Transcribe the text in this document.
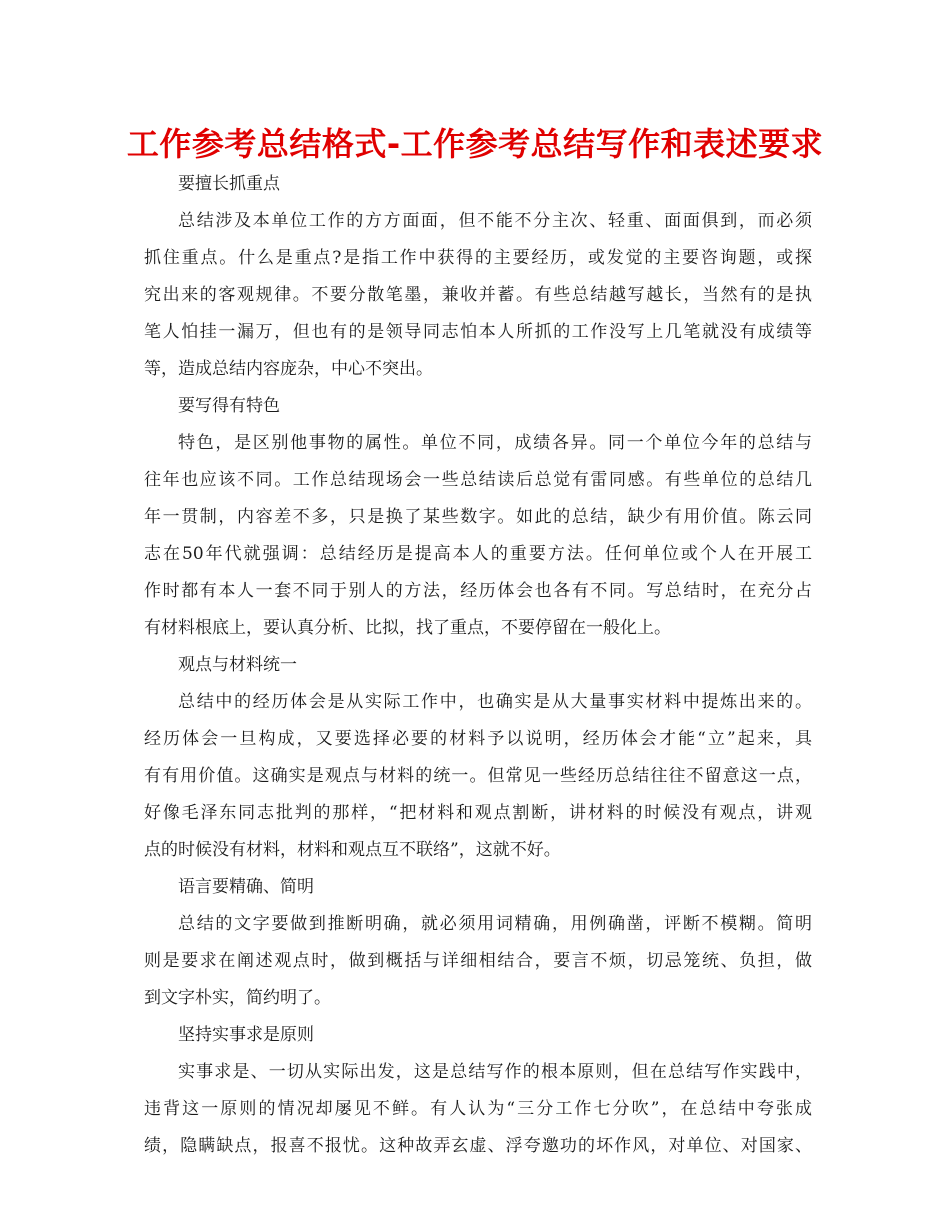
工作参考总结格式-工作参考总结写作和表述要求
要擅长抓重点
总结涉及本单位工作的方方面面，但不能不分主次、轻重、面面俱到，而必须
抓住重点。什么是重点?是指工作中获得的主要经历，或发觉的主要咨询题，或探
究出来的客观规律。不要分散笔墨，兼收并蓄。有些总结越写越长，当然有的是执
笔人怕挂一漏万，但也有的是领导同志怕本人所抓的工作没写上几笔就没有成绩等
等，造成总结内容庞杂，中心不突出。
要写得有特色
特色，是区别他事物的属性。单位不同，成绩各异。同一个单位今年的总结与
往年也应该不同。工作总结现场会一些总结读后总觉有雷同感。有些单位的总结几
年一贯制，内容差不多，只是换了某些数字。如此的总结，缺少有用价值。陈云同
志在50年代就强调：总结经历是提高本人的重要方法。任何单位或个人在开展工
作时都有本人一套不同于别人的方法，经历体会也各有不同。写总结时，在充分占
有材料根底上，要认真分析、比拟，找了重点，不要停留在一般化上。
观点与材料统一
总结中的经历体会是从实际工作中，也确实是从大量事实材料中提炼出来的。
经历体会一旦构成，又要选择必要的材料予以说明，经历体会才能“立”起来，具
有有用价值。这确实是观点与材料的统一。但常见一些经历总结往往不留意这一点，
好像毛泽东同志批判的那样，“把材料和观点割断，讲材料的时候没有观点，讲观
点的时候没有材料，材料和观点互不联络”，这就不好。
语言要精确、简明
总结的文字要做到推断明确，就必须用词精确，用例确凿，评断不模糊。简明
则是要求在阐述观点时，做到概括与详细相结合，要言不烦，切忌笼统、负担，做
到文字朴实，简约明了。
坚持实事求是原则
实事求是、一切从实际出发，这是总结写作的根本原则，但在总结写作实践中，
违背这一原则的情况却屡见不鲜。有人认为“三分工作七分吹”，在总结中夸张成
绩，隐瞒缺点，报喜不报忧。这种故弄玄虚、浮夸邀功的坏作风，对单位、对国家、
